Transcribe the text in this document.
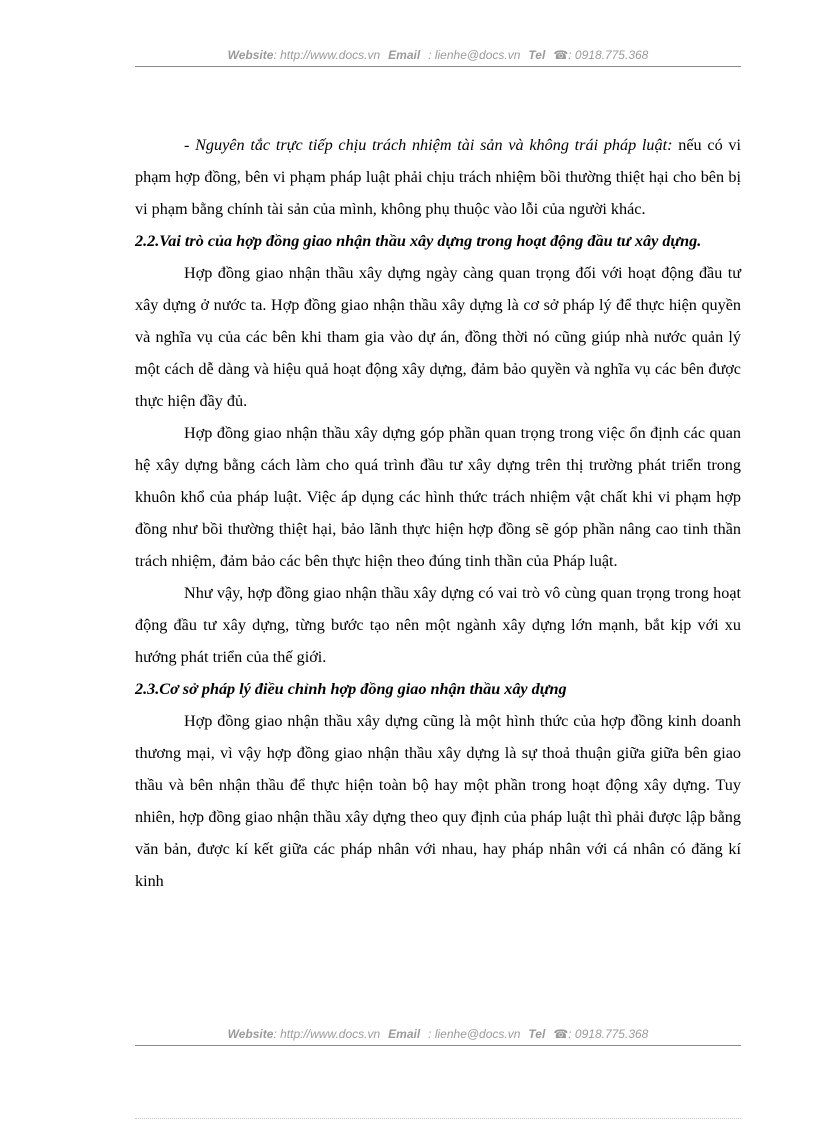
Website: http://www.docs.vn Email : lienhe@docs.vn Tel ☎: 0918.775.368

- Nguyên tắc trực tiếp chịu trách nhiệm tài sản và không trái pháp luật: nếu có vi phạm hợp đồng, bên vi phạm pháp luật phải chịu trách nhiệm bồi thường thiệt hại cho bên bị vi phạm bằng chính tài sản của mình, không phụ thuộc vào lỗi của người khác.

2.2.Vai trò của hợp đồng giao nhận thầu xây dựng trong hoạt động đầu tư xây dựng.

Hợp đồng giao nhận thầu xây dựng ngày càng quan trọng đối với hoạt động đầu tư xây dựng ở nước ta. Hợp đồng giao nhận thầu xây dựng là cơ sở pháp lý để thực hiện quyền và nghĩa vụ của các bên khi tham gia vào dự án, đồng thời nó cũng giúp nhà nước quản lý một cách dễ dàng và hiệu quả hoạt động xây dựng, đảm bảo quyền và nghĩa vụ các bên được thực hiện đầy đủ.

Hợp đồng giao nhận thầu xây dựng góp phần quan trọng trong việc ổn định các quan hệ xây dựng bằng cách làm cho quá trình đầu tư xây dựng trên thị trường phát triển trong khuôn khổ của pháp luật. Việc áp dụng các hình thức trách nhiệm vật chất khi vi phạm hợp đồng như bồi thường thiệt hại, bảo lãnh thực hiện hợp đồng sẽ góp phần nâng cao tinh thần trách nhiệm, đảm bảo các bên thực hiện theo đúng tinh thần của Pháp luật.

Như vậy, hợp đồng giao nhận thầu xây dựng có vai trò vô cùng quan trọng trong hoạt động đầu tư xây dựng, từng bước tạo nên một ngành xây dựng lớn mạnh, bắt kịp với xu hướng phát triển của thế giới.

2.3.Cơ sở pháp lý điều chỉnh hợp đồng giao nhận thầu xây dựng

Hợp đồng giao nhận thầu xây dựng cũng là một hình thức của hợp đồng kinh doanh thương mại, vì vậy hợp đồng giao nhận thầu xây dựng là sự thoả thuận giữa giữa bên giao thầu và bên nhận thầu để thực hiện toàn bộ hay một phần trong hoạt động xây dựng. Tuy nhiên, hợp đồng giao nhận thầu xây dựng theo quy định của pháp luật thì phải được lập bằng văn bản, được kí kết giữa các pháp nhân với nhau, hay pháp nhân với cá nhân có đăng kí kinh

Website: http://www.docs.vn Email : lienhe@docs.vn Tel ☎: 0918.775.368
